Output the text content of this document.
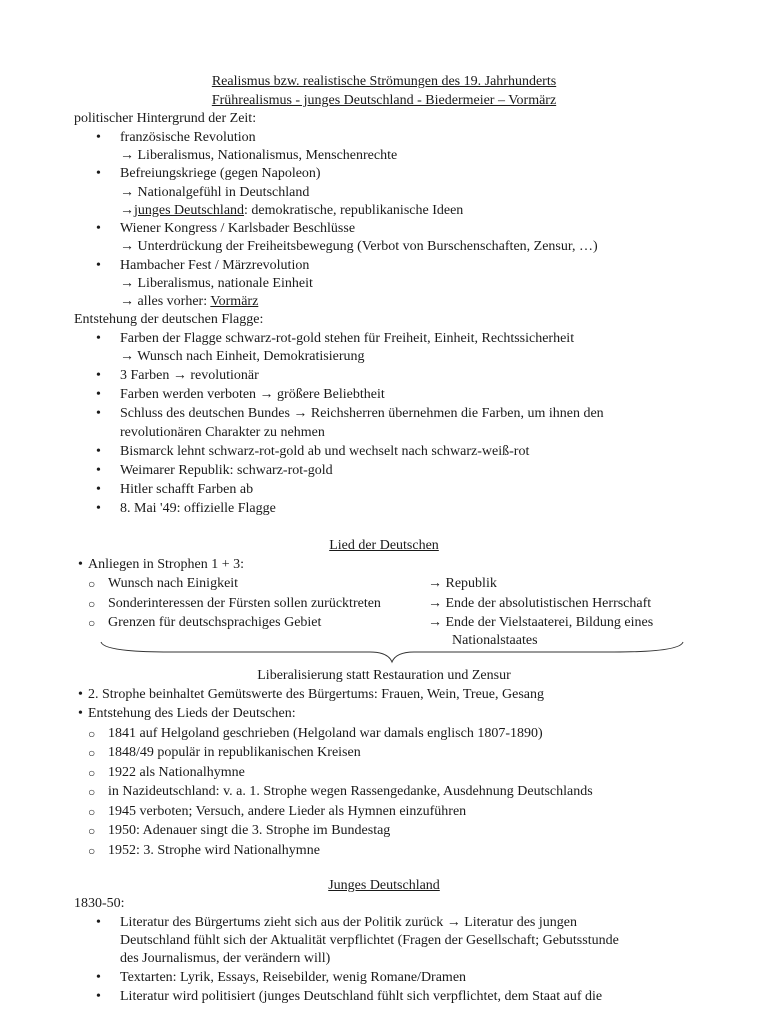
Realismus bzw. realistische Strömungen des 19. Jahrhunderts
Frührealismus - junges Deutschland - Biedermeier – Vormärz
politischer Hintergrund der Zeit:
• französische Revolution
→ Liberalismus, Nationalismus, Menschenrechte
• Befreiungskriege (gegen Napoleon)
→ Nationalgefühl in Deutschland
→junges Deutschland: demokratische, republikanische Ideen
• Wiener Kongress / Karlsbader Beschlüsse
→ Unterdrückung der Freiheitsbewegung (Verbot von Burschenschaften, Zensur, …)
• Hambacher Fest / Märzrevolution
→ Liberalismus, nationale Einheit
→ alles vorher: Vormärz
Entstehung der deutschen Flagge:
• Farben der Flagge schwarz-rot-gold stehen für Freiheit, Einheit, Rechtssicherheit
→ Wunsch nach Einheit, Demokratisierung
• 3 Farben → revolutionär
• Farben werden verboten → größere Beliebtheit
• Schluss des deutschen Bundes → Reichsherren übernehmen die Farben, um ihnen den
revolutionären Charakter zu nehmen
• Bismarck lehnt schwarz-rot-gold ab und wechselt nach schwarz-weiß-rot
• Weimarer Republik: schwarz-rot-gold
• Hitler schafft Farben ab
• 8. Mai '49: offizielle Flagge
Lied der Deutschen
• Anliegen in Strophen 1 + 3:
○ Wunsch nach Einigkeit	→ Republik
○ Sonderinteressen der Fürsten sollen zurücktreten	→ Ende der absolutistischen Herrschaft
○ Grenzen für deutschsprachiges Gebiet	→ Ende der Vielstaaterei, Bildung eines
Nationalstaates
Liberalisierung statt Restauration und Zensur
• 2. Strophe beinhaltet Gemütswerte des Bürgertums: Frauen, Wein, Treue, Gesang
• Entstehung des Lieds der Deutschen:
○ 1841 auf Helgoland geschrieben (Helgoland war damals englisch 1807-1890)
○ 1848/49 populär in republikanischen Kreisen
○ 1922 als Nationalhymne
○ in Nazideutschland: v. a. 1. Strophe wegen Rassengedanke, Ausdehnung Deutschlands
○ 1945 verboten; Versuch, andere Lieder als Hymnen einzuführen
○ 1950: Adenauer singt die 3. Strophe im Bundestag
○ 1952: 3. Strophe wird Nationalhymne
Junges Deutschland
1830-50:
• Literatur des Bürgertums zieht sich aus der Politik zurück → Literatur des jungen
Deutschland fühlt sich der Aktualität verpflichtet (Fragen der Gesellschaft; Gebutsstunde
des Journalismus, der verändern will)
• Textarten: Lyrik, Essays, Reisebilder, wenig Romane/Dramen
• Literatur wird politisiert (junges Deutschland fühlt sich verpflichtet, dem Staat auf die
